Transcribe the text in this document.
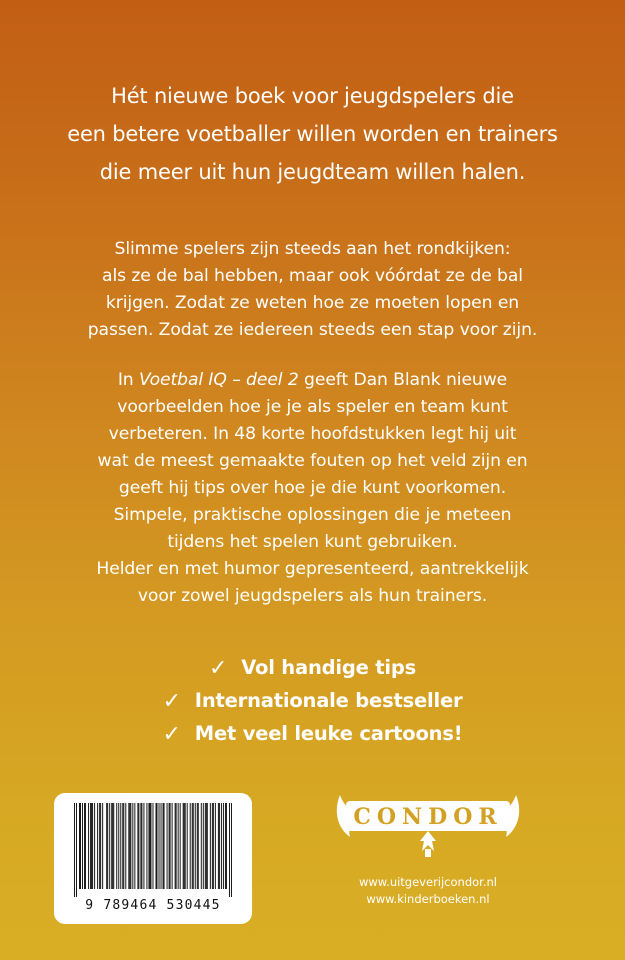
Hét nieuwe boek voor jeugdspelers die
een betere voetballer willen worden en trainers
die meer uit hun jeugdteam willen halen.
Slimme spelers zijn steeds aan het rondkijken:
als ze de bal hebben, maar ook vóórdat ze de bal
krijgen. Zodat ze weten hoe ze moeten lopen en
passen. Zodat ze iedereen steeds een stap voor zijn.
In Voetbal IQ – deel 2 geeft Dan Blank nieuwe
voorbeelden hoe je je als speler en team kunt
verbeteren. In 48 korte hoofdstukken legt hij uit
wat de meest gemaakte fouten op het veld zijn en
geeft hij tips over hoe je die kunt voorkomen.
Simpele, praktische oplossingen die je meteen
tijdens het spelen kunt gebruiken.
Helder en met humor gepresenteerd, aantrekkelijk
voor zowel jeugdspelers als hun trainers.
✓ Vol handige tips
✓ Internationale bestseller
✓ Met veel leuke cartoons!
9 789464 530445
CONDOR
www.uitgeverijcondor.nl
www.kinderboeken.nl
